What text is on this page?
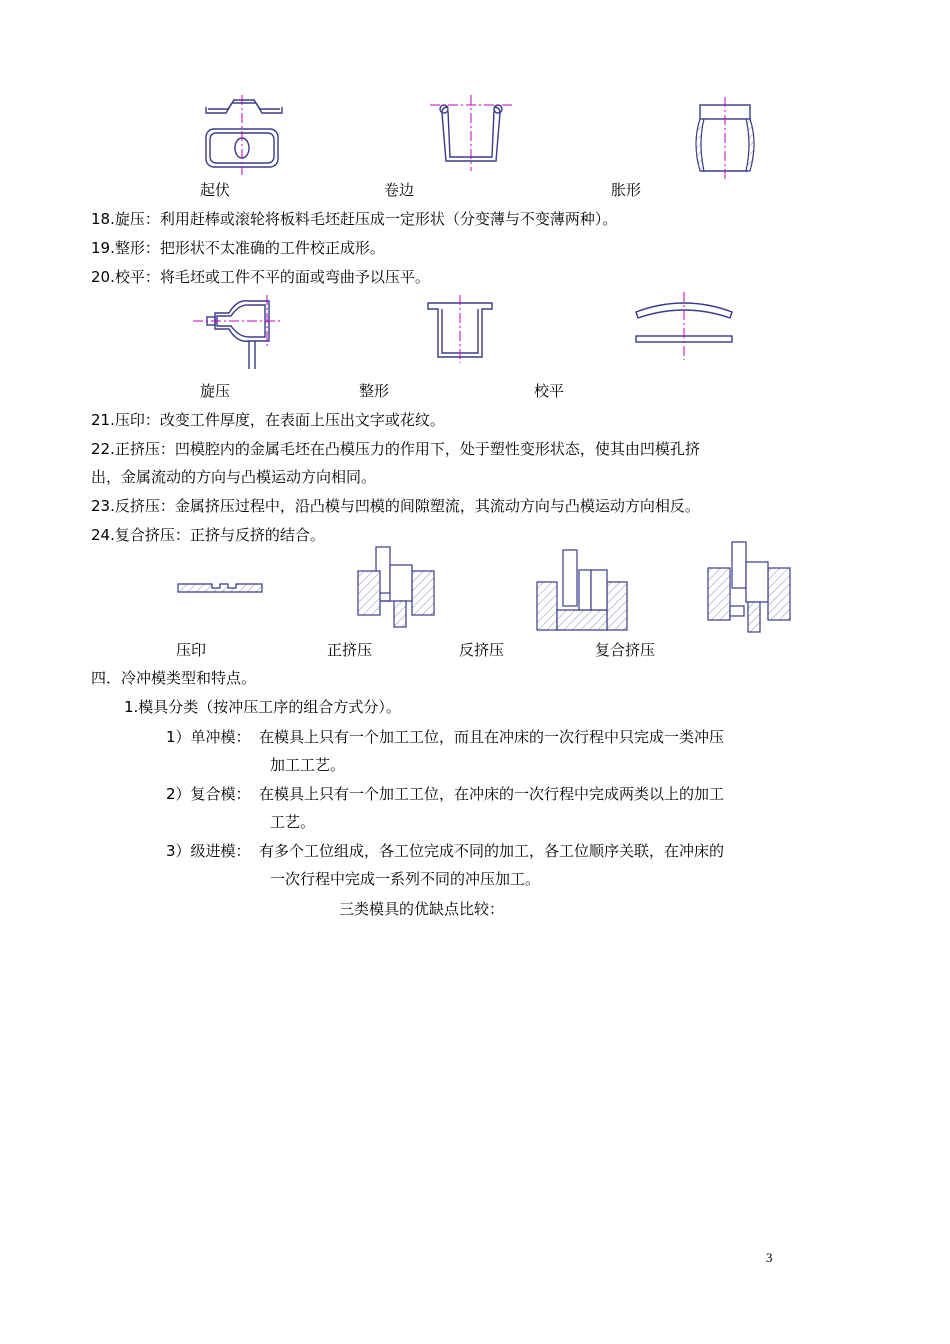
起伏	卷边	胀形
18.旋压：利用赶棒或滚轮将板料毛坯赶压成一定形状（分变薄与不变薄两种）。
19.整形：把形状不太准确的工件校正成形。
20.校平：将毛坯或工件不平的面或弯曲予以压平。
旋压	整形	校平
21.压印：改变工件厚度，在表面上压出文字或花纹。
22.正挤压：凹模腔内的金属毛坯在凸模压力的作用下，处于塑性变形状态，使其由凹模孔挤
出，金属流动的方向与凸模运动方向相同。
23.反挤压：金属挤压过程中，沿凸模与凹模的间隙塑流，其流动方向与凸模运动方向相反。
24.复合挤压：正挤与反挤的结合。
压印	正挤压	反挤压	复合挤压
四．冷冲模类型和特点。
1.模具分类（按冲压工序的组合方式分）。
1）单冲模： 在模具上只有一个加工工位，而且在冲床的一次行程中只完成一类冲压
加工工艺。
2）复合模： 在模具上只有一个加工工位，在冲床的一次行程中完成两类以上的加工
工艺。
3）级进模： 有多个工位组成，各工位完成不同的加工，各工位顺序关联，在冲床的
一次行程中完成一系列不同的冲压加工。
三类模具的优缺点比较：
3
